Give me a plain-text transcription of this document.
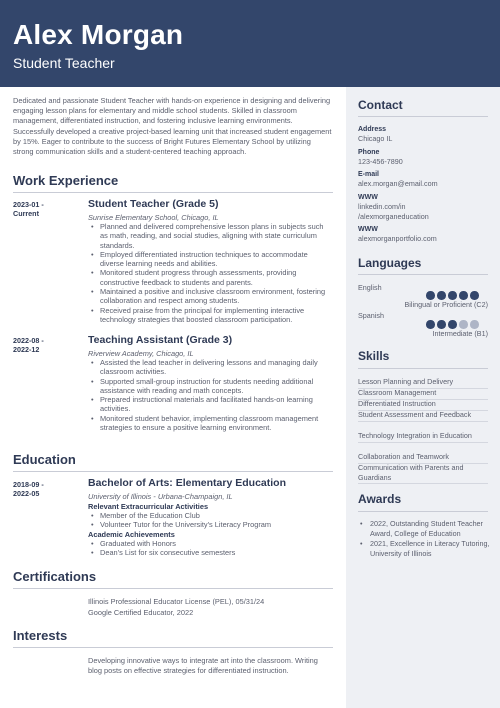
Alex Morgan
Student Teacher

Dedicated and passionate Student Teacher with hands-on experience in designing and delivering engaging lesson plans for elementary and middle school students. Skilled in classroom management, differentiated instruction, and fostering inclusive learning environments. Successfully developed a creative project-based learning unit that increased student engagement by 15%. Eager to contribute to the success of Bright Futures Elementary School by utilizing strong communication skills and a student-centered teaching approach.

Work Experience
2023-01 -
Current
Student Teacher (Grade 5)
Sunrise Elementary School, Chicago, IL
• Planned and delivered comprehensive lesson plans in subjects such as math, reading, and social studies, aligning with state curriculum standards.
• Employed differentiated instruction techniques to accommodate diverse learning needs and abilities.
• Monitored student progress through assessments, providing constructive feedback to students and parents.
• Maintained a positive and inclusive classroom environment, fostering collaboration and respect among students.
• Received praise from the principal for implementing interactive technology strategies that boosted classroom participation.
2022-08 -
2022-12
Teaching Assistant (Grade 3)
Riverview Academy, Chicago, IL
• Assisted the lead teacher in delivering lessons and managing daily classroom activities.
• Supported small-group instruction for students needing additional assistance with reading and math concepts.
• Prepared instructional materials and facilitated hands-on learning activities.
• Monitored student behavior, implementing classroom management strategies to ensure a positive learning environment.
Education
2018-09 -
2022-05
Bachelor of Arts: Elementary Education
University of Illinois - Urbana-Champaign, IL
Relevant Extracurricular Activities
• Member of the Education Club
• Volunteer Tutor for the University's Literacy Program
Academic Achievements
• Graduated with Honors
• Dean's List for six consecutive semesters
Certifications
Illinois Professional Educator License (PEL), 05/31/24
Google Certified Educator, 2022
Interests
Developing innovative ways to integrate art into the classroom. Writing blog posts on effective strategies for differentiated instruction.
Contact
Address
Chicago IL
Phone
123-456-7890
E-mail
alex.morgan@email.com
WWW
linkedin.com/in
/alexmorganeducation
WWW
alexmorganportfolio.com
Languages
English
Bilingual or Proficient (C2)
Spanish
Intermediate (B1)
Skills
Lesson Planning and Delivery
Classroom Management
Differentiated Instruction
Student Assessment and Feedback
Technology Integration in Education
Collaboration and Teamwork
Communication with Parents and Guardians
Awards
• 2022, Outstanding Student Teacher Award, College of Education
• 2021, Excellence in Literacy Tutoring, University of Illinois
